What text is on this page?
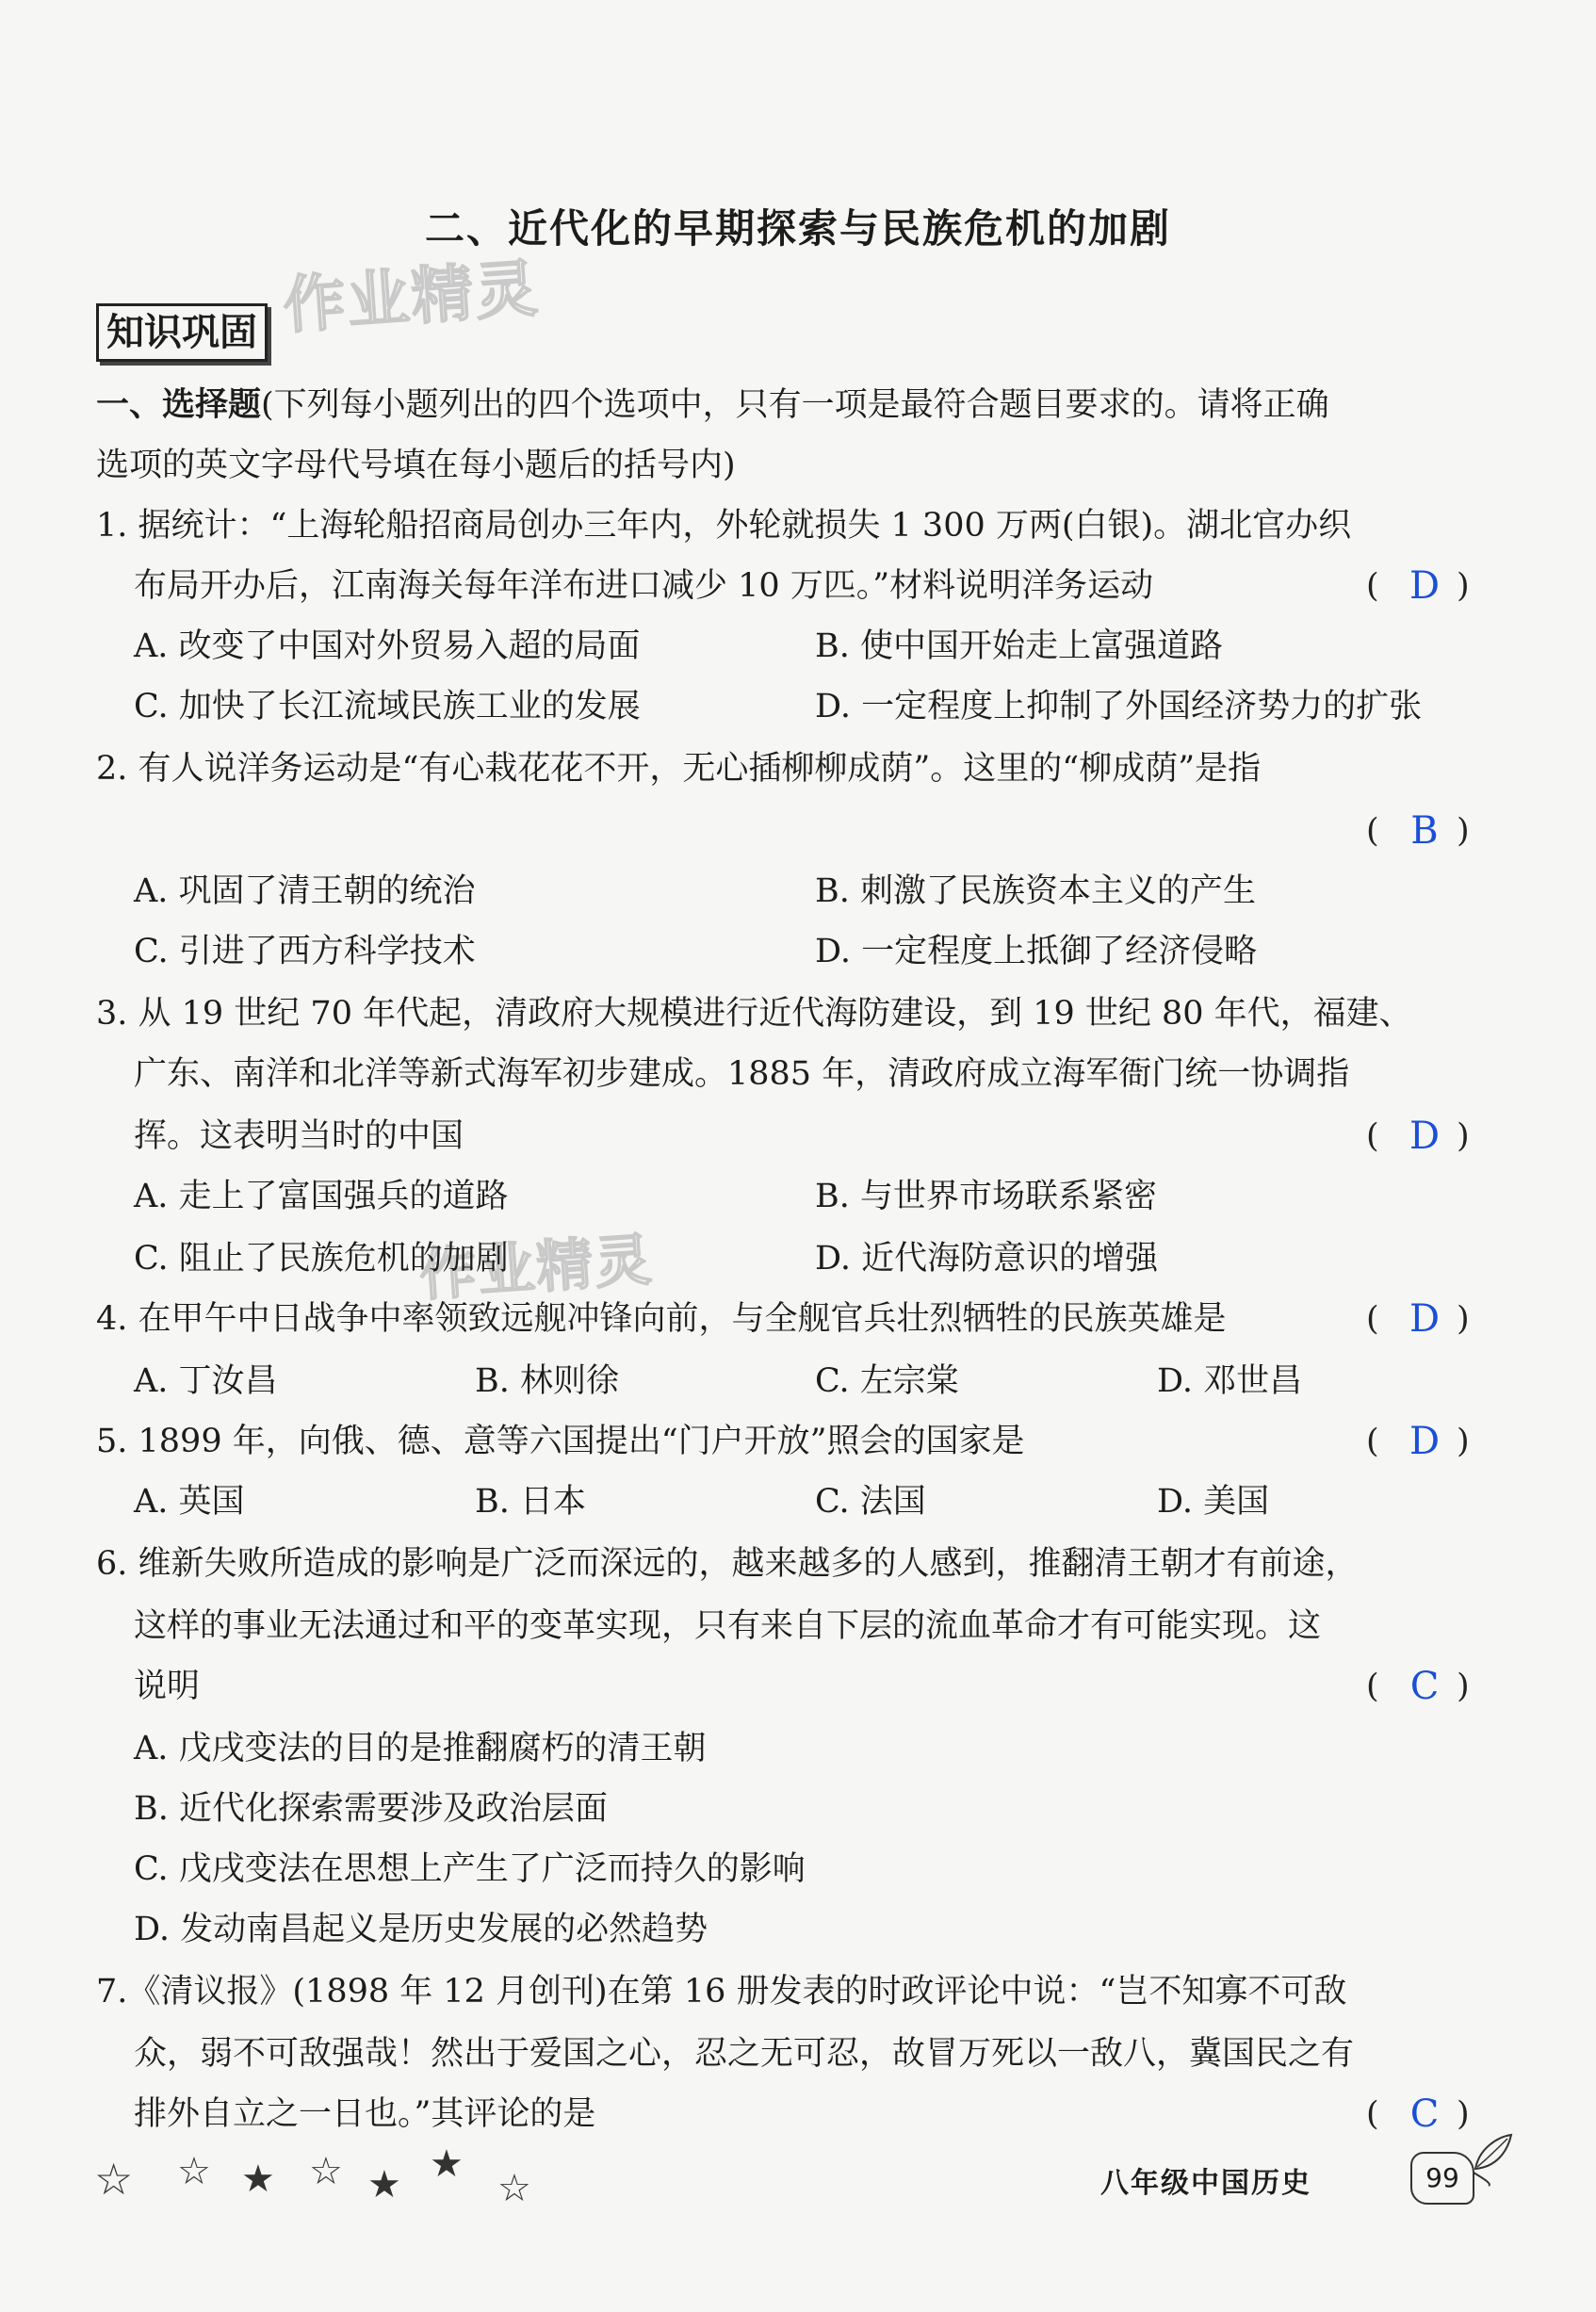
作业精灵
作业精灵
二、近代化的早期探索与民族危机的加剧
知识巩固
一、选择题(下列每小题列出的四个选项中，只有一项是最符合题目要求的。请将正确
选项的英文字母代号填在每小题后的括号内)
1. 据统计：“上海轮船招商局创办三年内，外轮就损失 1 300 万两(白银)。湖北官办织
布局开办后，江南海关每年洋布进口减少 10 万匹。”材料说明洋务运动	( D )
A. 改变了中国对外贸易入超的局面	B. 使中国开始走上富强道路
C. 加快了长江流域民族工业的发展	D. 一定程度上抑制了外国经济势力的扩张
2. 有人说洋务运动是“有心栽花花不开，无心插柳柳成荫”。这里的“柳成荫”是指
( B )
A. 巩固了清王朝的统治	B. 刺激了民族资本主义的产生
C. 引进了西方科学技术	D. 一定程度上抵御了经济侵略
3. 从 19 世纪 70 年代起，清政府大规模进行近代海防建设，到 19 世纪 80 年代，福建、
广东、南洋和北洋等新式海军初步建成。1885 年，清政府成立海军衙门统一协调指
挥。这表明当时的中国	( D )
A. 走上了富国强兵的道路	B. 与世界市场联系紧密
C. 阻止了民族危机的加剧	D. 近代海防意识的增强
4. 在甲午中日战争中率领致远舰冲锋向前，与全舰官兵壮烈牺牲的民族英雄是	( D )
A. 丁汝昌	B. 林则徐	C. 左宗棠	D. 邓世昌
5. 1899 年，向俄、德、意等六国提出“门户开放”照会的国家是	( D )
A. 英国	B. 日本	C. 法国	D. 美国
6. 维新失败所造成的影响是广泛而深远的，越来越多的人感到，推翻清王朝才有前途，
这样的事业无法通过和平的变革实现，只有来自下层的流血革命才有可能实现。这
说明	( C )
A. 戊戌变法的目的是推翻腐朽的清王朝
B. 近代化探索需要涉及政治层面
C. 戊戌变法在思想上产生了广泛而持久的影响
D. 发动南昌起义是历史发展的必然趋势
7.《清议报》(1898 年 12 月创刊)在第 16 册发表的时政评论中说：“岂不知寡不可敌
众，弱不可敌强哉！然出于爱国之心，忍之无可忍，故冒万死以一敌八，冀国民之有
排外自立之一日也。”其评论的是	( C )
☆ ☆ ★ ☆ ★ ★
☆	八年级中国历史	99
